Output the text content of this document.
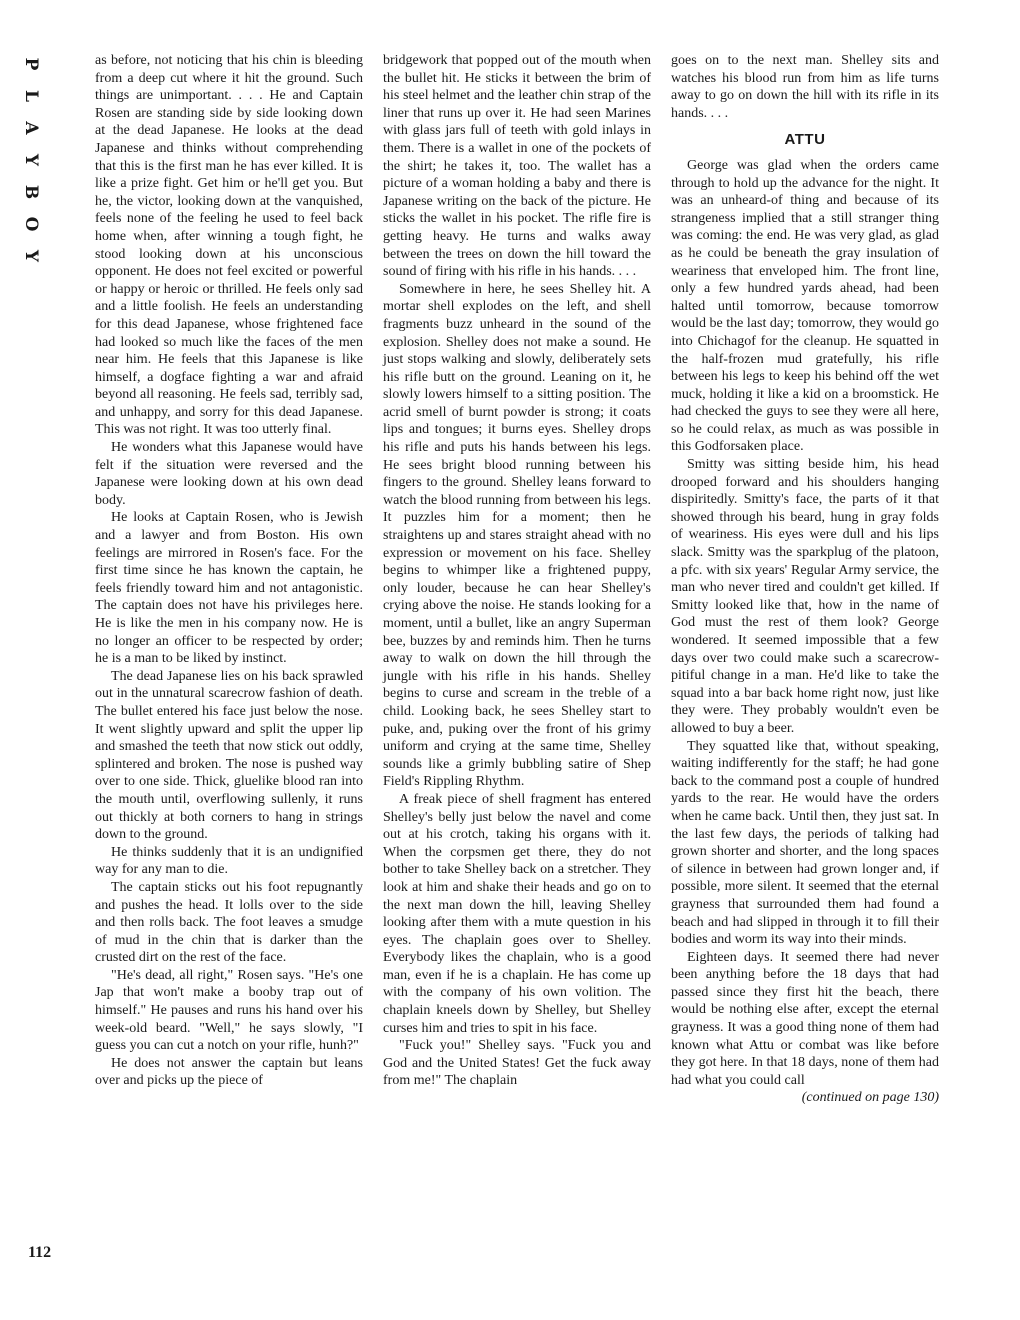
P
L
A
Y
B
O
Y

as before, not noticing that his chin is bleeding from a deep cut where it hit the ground. Such things are unimportant. . . . He and Captain Rosen are standing side by side looking down at the dead Japanese. He looks at the dead Japanese and thinks without comprehending that this is the first man he has ever killed. It is like a prize fight. Get him or he'll get you. But he, the victor, looking down at the vanquished, feels none of the feeling he used to feel back home when, after winning a tough fight, he stood looking down at his unconscious opponent. He does not feel excited or powerful or happy or heroic or thrilled. He feels only sad and a little foolish. He feels an understanding for this dead Japanese, whose frightened face had looked so much like the faces of the men near him. He feels that this Japanese is like himself, a dogface fighting a war and afraid beyond all reasoning. He feels sad, terribly sad, and unhappy, and sorry for this dead Japanese. This was not right. It was too utterly final.

He wonders what this Japanese would have felt if the situation were reversed and the Japanese were looking down at his own dead body.

He looks at Captain Rosen, who is Jewish and a lawyer and from Boston. His own feelings are mirrored in Rosen's face. For the first time since he has known the captain, he feels friendly toward him and not antagonistic. The captain does not have his privileges here. He is like the men in his company now. He is no longer an officer to be respected by order; he is a man to be liked by instinct.

The dead Japanese lies on his back sprawled out in the unnatural scarecrow fashion of death. The bullet entered his face just below the nose. It went slightly upward and split the upper lip and smashed the teeth that now stick out oddly, splintered and broken. The nose is pushed way over to one side. Thick, gluelike blood ran into the mouth until, overflowing sullenly, it runs out thickly at both corners to hang in strings down to the ground.

He thinks suddenly that it is an undignified way for any man to die.

The captain sticks out his foot repugnantly and pushes the head. It lolls over to the side and then rolls back. The foot leaves a smudge of mud in the chin that is darker than the crusted dirt on the rest of the face.

"He's dead, all right," Rosen says. "He's one Jap that won't make a booby trap out of himself." He pauses and runs his hand over his week-old beard. "Well," he says slowly, "I guess you can cut a notch on your rifle, hunh?"

He does not answer the captain but leans over and picks up the piece of

bridgework that popped out of the mouth when the bullet hit. He sticks it between the brim of his steel helmet and the leather chin strap of the liner that runs up over it. He had seen Marines with glass jars full of teeth with gold inlays in them. There is a wallet in one of the pockets of the shirt; he takes it, too. The wallet has a picture of a woman holding a baby and there is Japanese writing on the back of the picture. He sticks the wallet in his pocket. The rifle fire is getting heavy. He turns and walks away between the trees on down the hill toward the sound of firing with his rifle in his hands. . . .

Somewhere in here, he sees Shelley hit. A mortar shell explodes on the left, and shell fragments buzz unheard in the sound of the explosion. Shelley does not make a sound. He just stops walking and slowly, deliberately sets his rifle butt on the ground. Leaning on it, he slowly lowers himself to a sitting position. The acrid smell of burnt powder is strong; it coats lips and tongues; it burns eyes. Shelley drops his rifle and puts his hands between his legs. He sees bright blood running between his fingers to the ground. Shelley leans forward to watch the blood running from between his legs. It puzzles him for a moment; then he straightens up and stares straight ahead with no expression or movement on his face. Shelley begins to whimper like a frightened puppy, only louder, because he can hear Shelley's crying above the noise. He stands looking for a moment, until a bullet, like an angry Superman bee, buzzes by and reminds him. Then he turns away to walk on down the hill through the jungle with his rifle in his hands. Shelley begins to curse and scream in the treble of a child. Looking back, he sees Shelley start to puke, and, puking over the front of his grimy uniform and crying at the same time, Shelley sounds like a grimly bubbling satire of Shep Field's Rippling Rhythm.

A freak piece of shell fragment has entered Shelley's belly just below the navel and come out at his crotch, taking his organs with it. When the corpsmen get there, they do not bother to take Shelley back on a stretcher. They look at him and shake their heads and go on to the next man down the hill, leaving Shelley looking after them with a mute question in his eyes. The chaplain goes over to Shelley. Everybody likes the chaplain, who is a good man, even if he is a chaplain. He has come up with the company of his own volition. The chaplain kneels down by Shelley, but Shelley curses him and tries to spit in his face.

"Fuck you!" Shelley says. "Fuck you and God and the United States! Get the fuck away from me!" The chaplain

goes on to the next man. Shelley sits and watches his blood run from him as life turns away to go on down the hill with its rifle in its hands. . . .

ATTU

George was glad when the orders came through to hold up the advance for the night. It was an unheard-of thing and because of its strangeness implied that a still stranger thing was coming: the end. He was very glad, as glad as he could be beneath the gray insulation of weariness that enveloped him. The front line, only a few hundred yards ahead, had been halted until tomorrow, because tomorrow would be the last day; tomorrow, they would go into Chichagof for the cleanup. He squatted in the half-frozen mud gratefully, his rifle between his legs to keep his behind off the wet muck, holding it like a kid on a broomstick. He had checked the guys to see they were all here, so he could relax, as much as was possible in this Godforsaken place.

Smitty was sitting beside him, his head drooped forward and his shoulders hanging dispiritedly. Smitty's face, the parts of it that showed through his beard, hung in gray folds of weariness. His eyes were dull and his lips slack. Smitty was the sparkplug of the platoon, a pfc. with six years' Regular Army service, the man who never tired and couldn't get killed. If Smitty looked like that, how in the name of God must the rest of them look? George wondered. It seemed impossible that a few days over two could make such a scarecrow-pitiful change in a man. He'd like to take the squad into a bar back home right now, just like they were. They probably wouldn't even be allowed to buy a beer.

They squatted like that, without speaking, waiting indifferently for the staff; he had gone back to the command post a couple of hundred yards to the rear. He would have the orders when he came back. Until then, they just sat. In the last few days, the periods of talking had grown shorter and shorter, and the long spaces of silence in between had grown longer and, if possible, more silent. It seemed that the eternal grayness that surrounded them had found a beach and had slipped in through it to fill their bodies and worm its way into their minds.

Eighteen days. It seemed there had never been anything before the 18 days that had passed since they first hit the beach, there would be nothing else after, except the eternal grayness. It was a good thing none of them had known what Attu or combat was like before they got here. In that 18 days, none of them had had what you could call

(continued on page 130)
112
